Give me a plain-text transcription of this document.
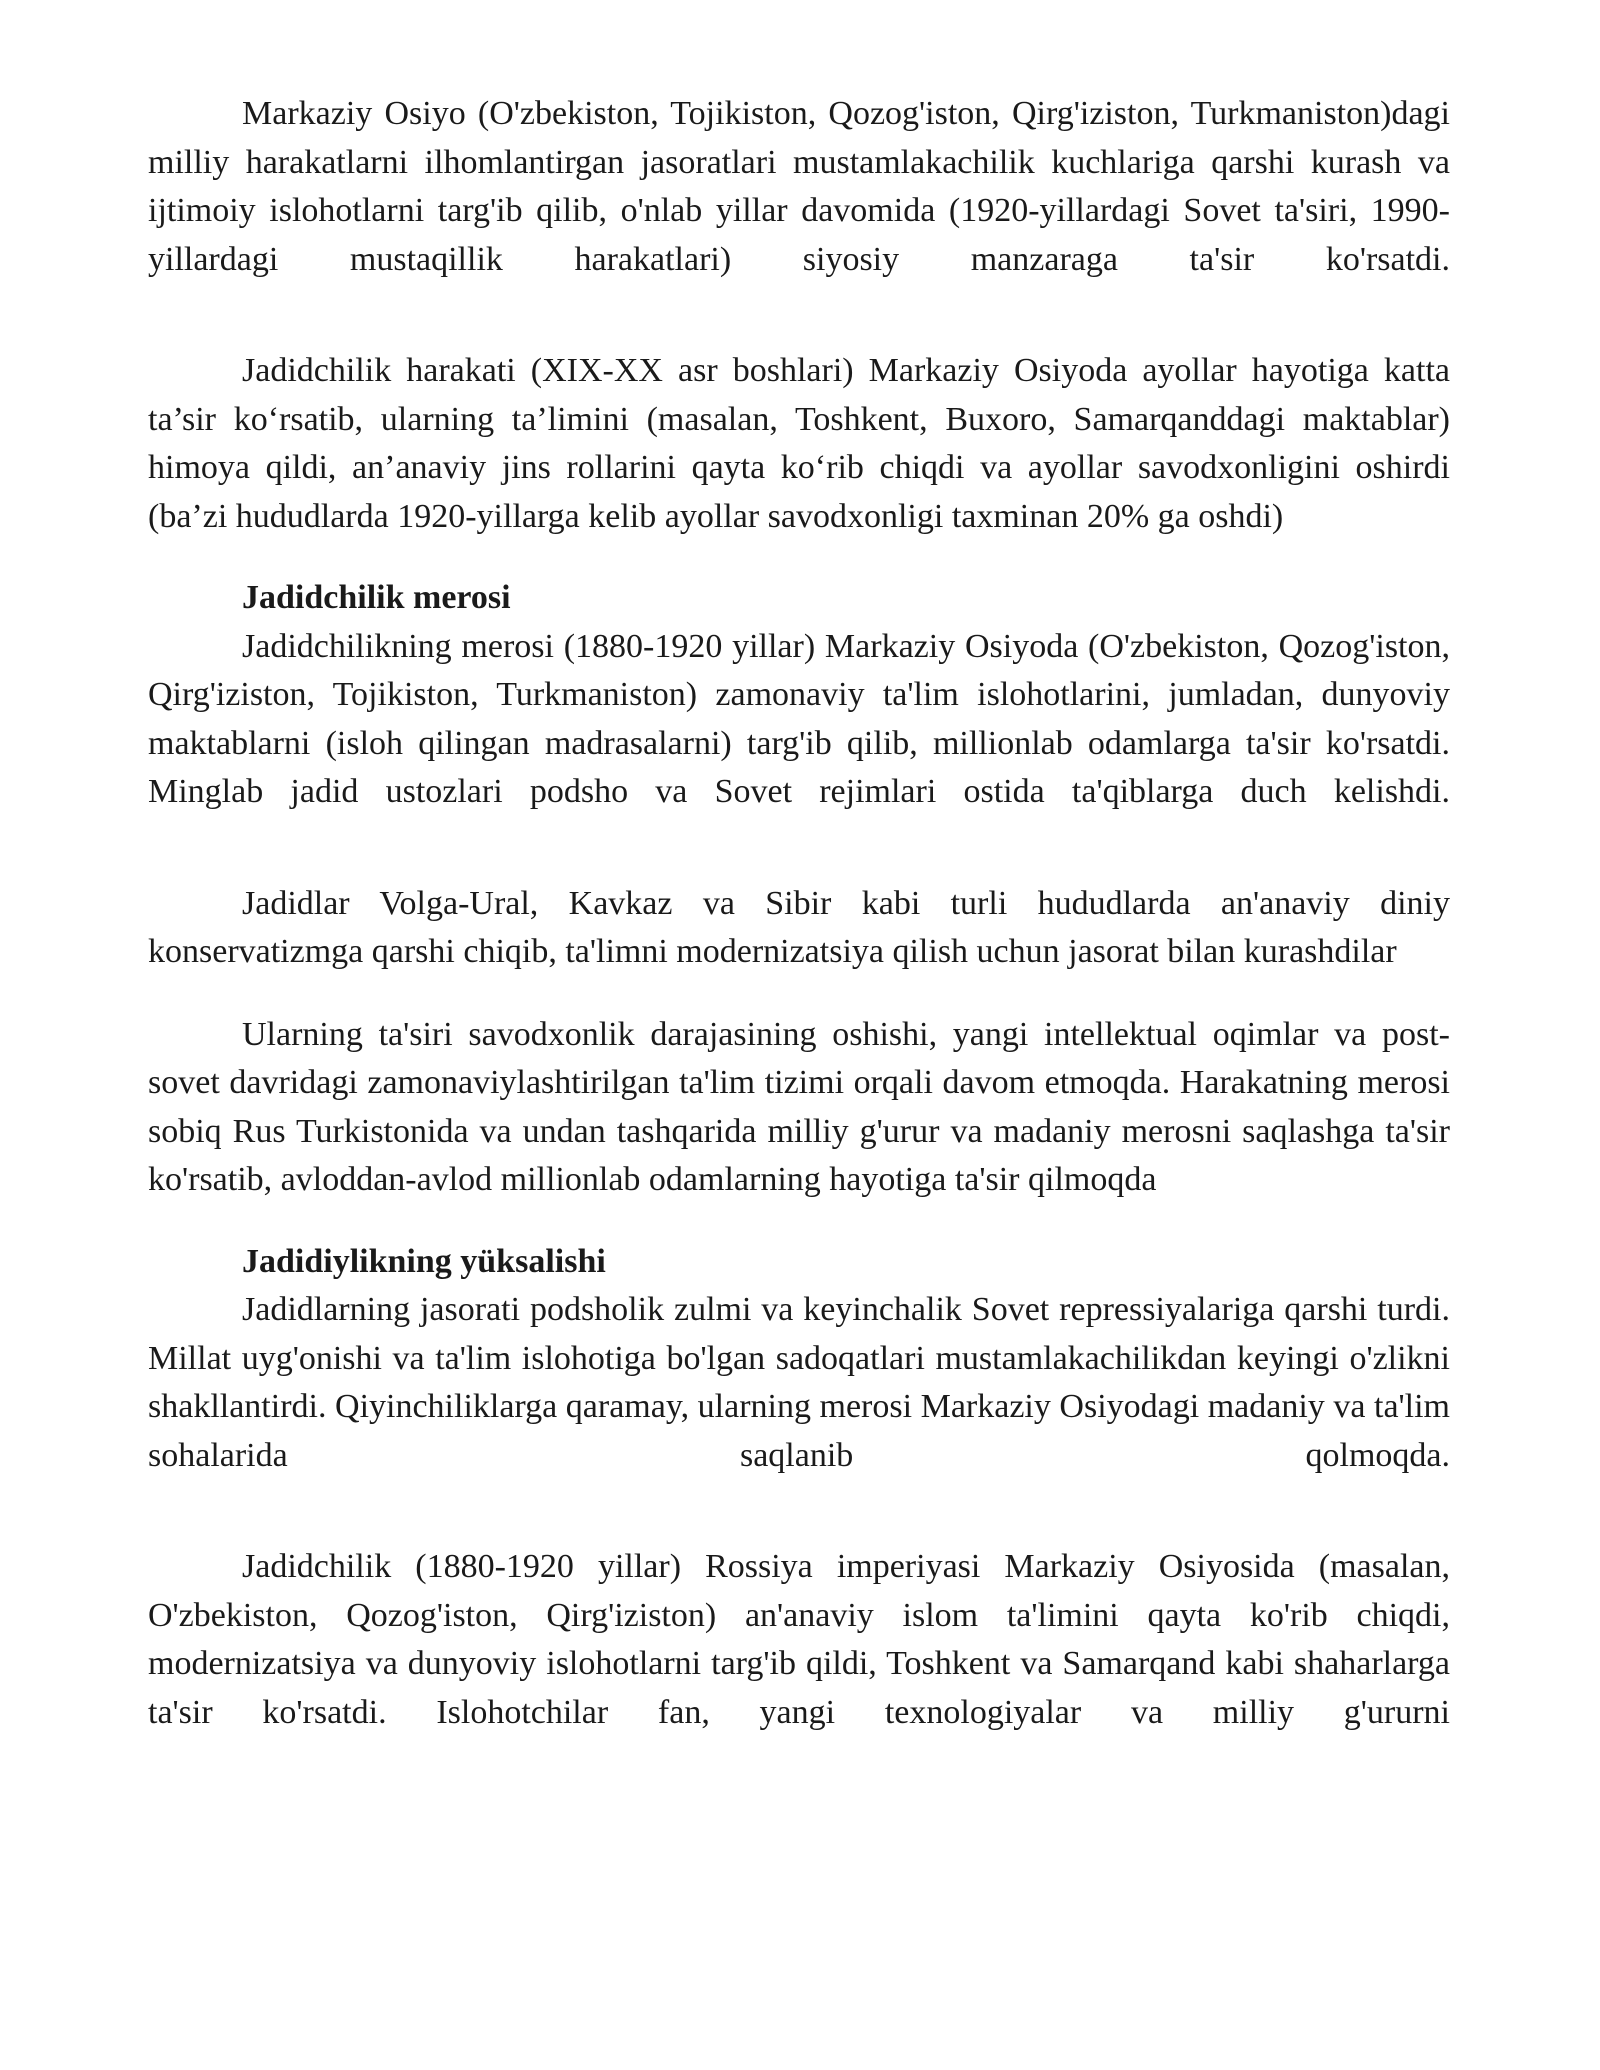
Markaziy Osiyo (O'zbekiston, Tojikiston, Qozog'iston, Qirg'iziston, Turkmaniston)dagi milliy harakatlarni ilhomlantirgan jasoratlari mustamlakachilik kuchlariga qarshi kurash va ijtimoiy islohotlarni targ'ib qilib, o'nlab yillar davomida (1920-yillardagi Sovet ta'siri, 1990-yillardagi mustaqillik harakatlari) siyosiy manzaraga ta'sir ko'rsatdi.

Jadidchilik harakati (XIX-XX asr boshlari) Markaziy Osiyoda ayollar hayotiga katta ta’sir ko‘rsatib, ularning ta’limini (masalan, Toshkent, Buxoro, Samarqanddagi maktablar) himoya qildi, an’anaviy jins rollarini qayta ko‘rib chiqdi va ayollar savodxonligini oshirdi (ba’zi hududlarda 1920-yillarga kelib ayollar savodxonligi taxminan 20% ga oshdi)

Jadidchilik merosi

Jadidchilikning merosi (1880-1920 yillar) Markaziy Osiyoda (O'zbekiston, Qozog'iston, Qirg'iziston, Tojikiston, Turkmaniston) zamonaviy ta'lim islohotlarini, jumladan, dunyoviy maktablarni (isloh qilingan madrasalarni) targ'ib qilib, millionlab odamlarga ta'sir ko'rsatdi. Minglab jadid ustozlari podsho va Sovet rejimlari ostida ta'qiblarga duch kelishdi.

Jadidlar Volga-Ural, Kavkaz va Sibir kabi turli hududlarda an'anaviy diniy konservatizmga qarshi chiqib, ta'limni modernizatsiya qilish uchun jasorat bilan kurashdilar

Ularning ta'siri savodxonlik darajasining oshishi, yangi intellektual oqimlar va post-sovet davridagi zamonaviylashtirilgan ta'lim tizimi orqali davom etmoqda. Harakatning merosi sobiq Rus Turkistonida va undan tashqarida milliy g'urur va madaniy merosni saqlashga ta'sir ko'rsatib, avloddan-avlod millionlab odamlarning hayotiga ta'sir qilmoqda

Jadidiylikning yüksalishi

Jadidlarning jasorati podsholik zulmi va keyinchalik Sovet repressiyalariga qarshi turdi. Millat uyg'onishi va ta'lim islohotiga bo'lgan sadoqatlari mustamlakachilikdan keyingi o'zlikni shakllantirdi. Qiyinchiliklarga qaramay, ularning merosi Markaziy Osiyodagi madaniy va ta'lim sohalarida saqlanib qolmoqda.

Jadidchilik (1880-1920 yillar) Rossiya imperiyasi Markaziy Osiyosida (masalan, O'zbekiston, Qozog'iston, Qirg'iziston) an'anaviy islom ta'limini qayta ko'rib chiqdi, modernizatsiya va dunyoviy islohotlarni targ'ib qildi, Toshkent va Samarqand kabi shaharlarga ta'sir ko'rsatdi. Islohotchilar fan, yangi texnologiyalar va milliy g'ururni
